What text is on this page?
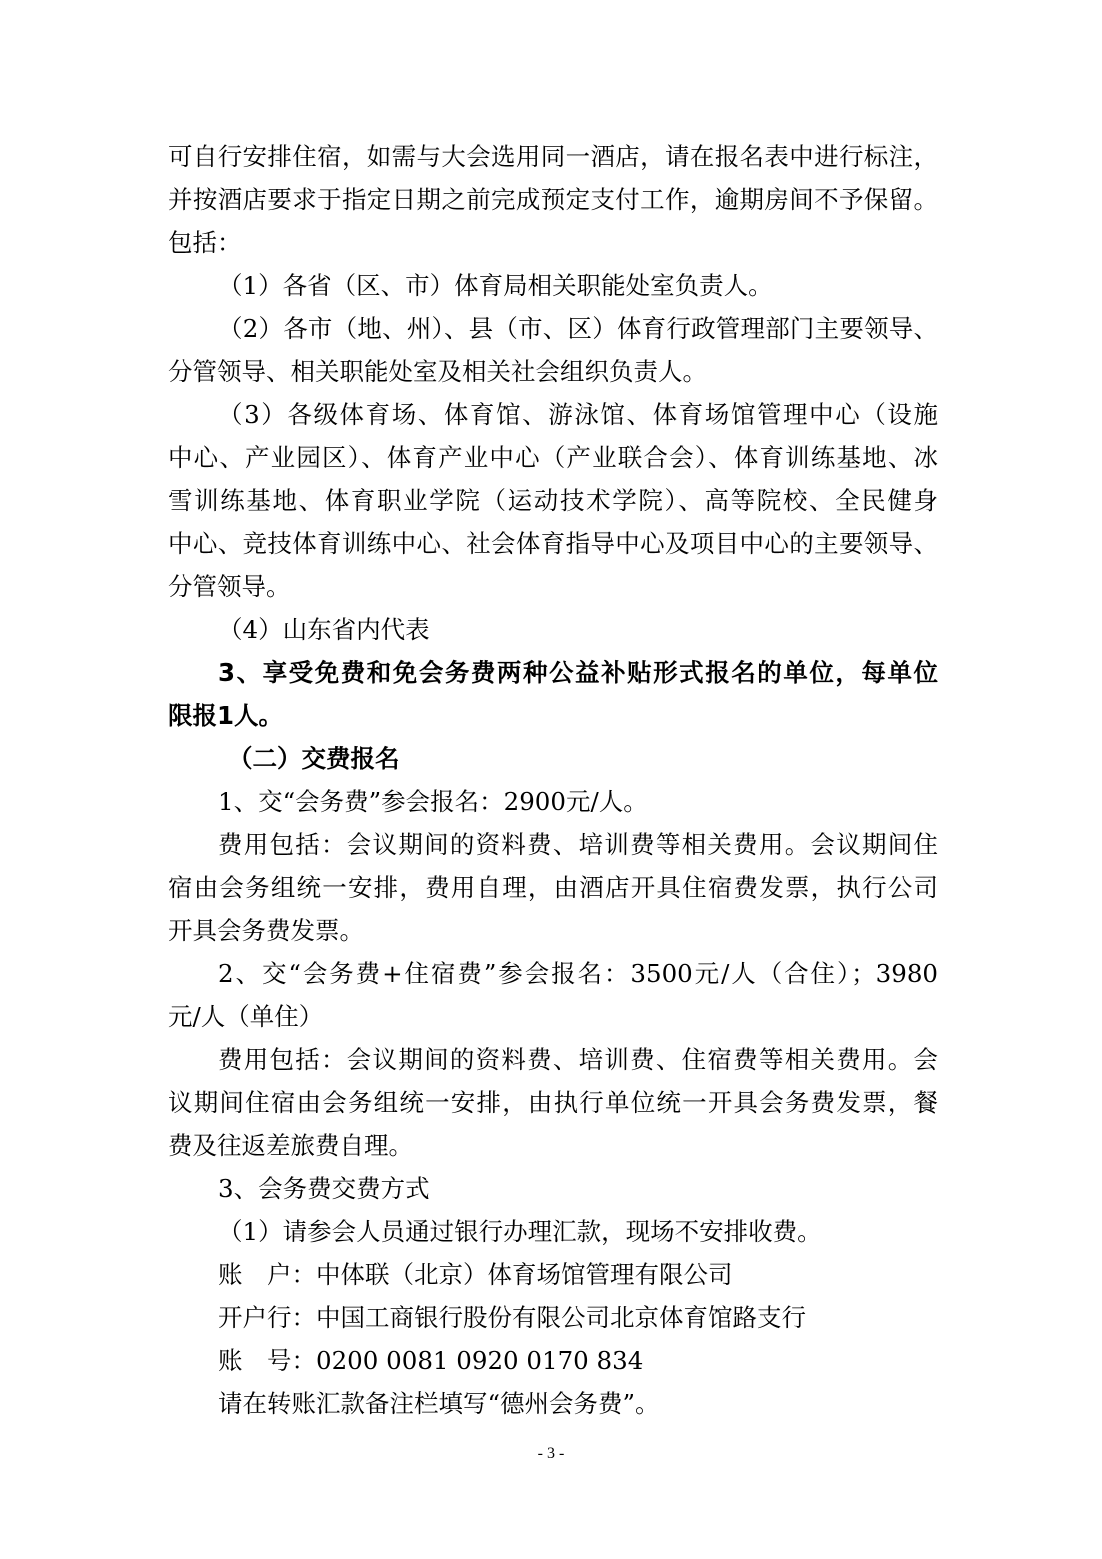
可自行安排住宿，如需与大会选用同一酒店，请在报名表中进行标注，
并按酒店要求于指定日期之前完成预定支付工作，逾期房间不予保留。
包括：
（1）各省（区、市）体育局相关职能处室负责人。
（2）各市（地、州）、县（市、区）体育行政管理部门主要领导、
分管领导、相关职能处室及相关社会组织负责人。
（3）各级体育场、体育馆、游泳馆、体育场馆管理中心（设施
中心、产业园区）、体育产业中心（产业联合会）、体育训练基地、冰
雪训练基地、体育职业学院（运动技术学院）、高等院校、全民健身
中心、竞技体育训练中心、社会体育指导中心及项目中心的主要领导、
分管领导。
（4）山东省内代表
3、享受免费和免会务费两种公益补贴形式报名的单位，每单位
限报1人。
（二）交费报名
1、交“会务费”参会报名：2900元/人。
费用包括：会议期间的资料费、培训费等相关费用。会议期间住
宿由会务组统一安排，费用自理，由酒店开具住宿费发票，执行公司
开具会务费发票。
2、交“会务费+住宿费”参会报名：3500元/人（合住）；3980
元/人（单住）
费用包括：会议期间的资料费、培训费、住宿费等相关费用。会
议期间住宿由会务组统一安排，由执行单位统一开具会务费发票，餐
费及往返差旅费自理。
3、会务费交费方式
（1）请参会人员通过银行办理汇款，现场不安排收费。
账　户：中体联（北京）体育场馆管理有限公司
开户行：中国工商银行股份有限公司北京体育馆路支行
账　号：0200 0081 0920 0170 834
请在转账汇款备注栏填写“德州会务费”。
- 3 -
